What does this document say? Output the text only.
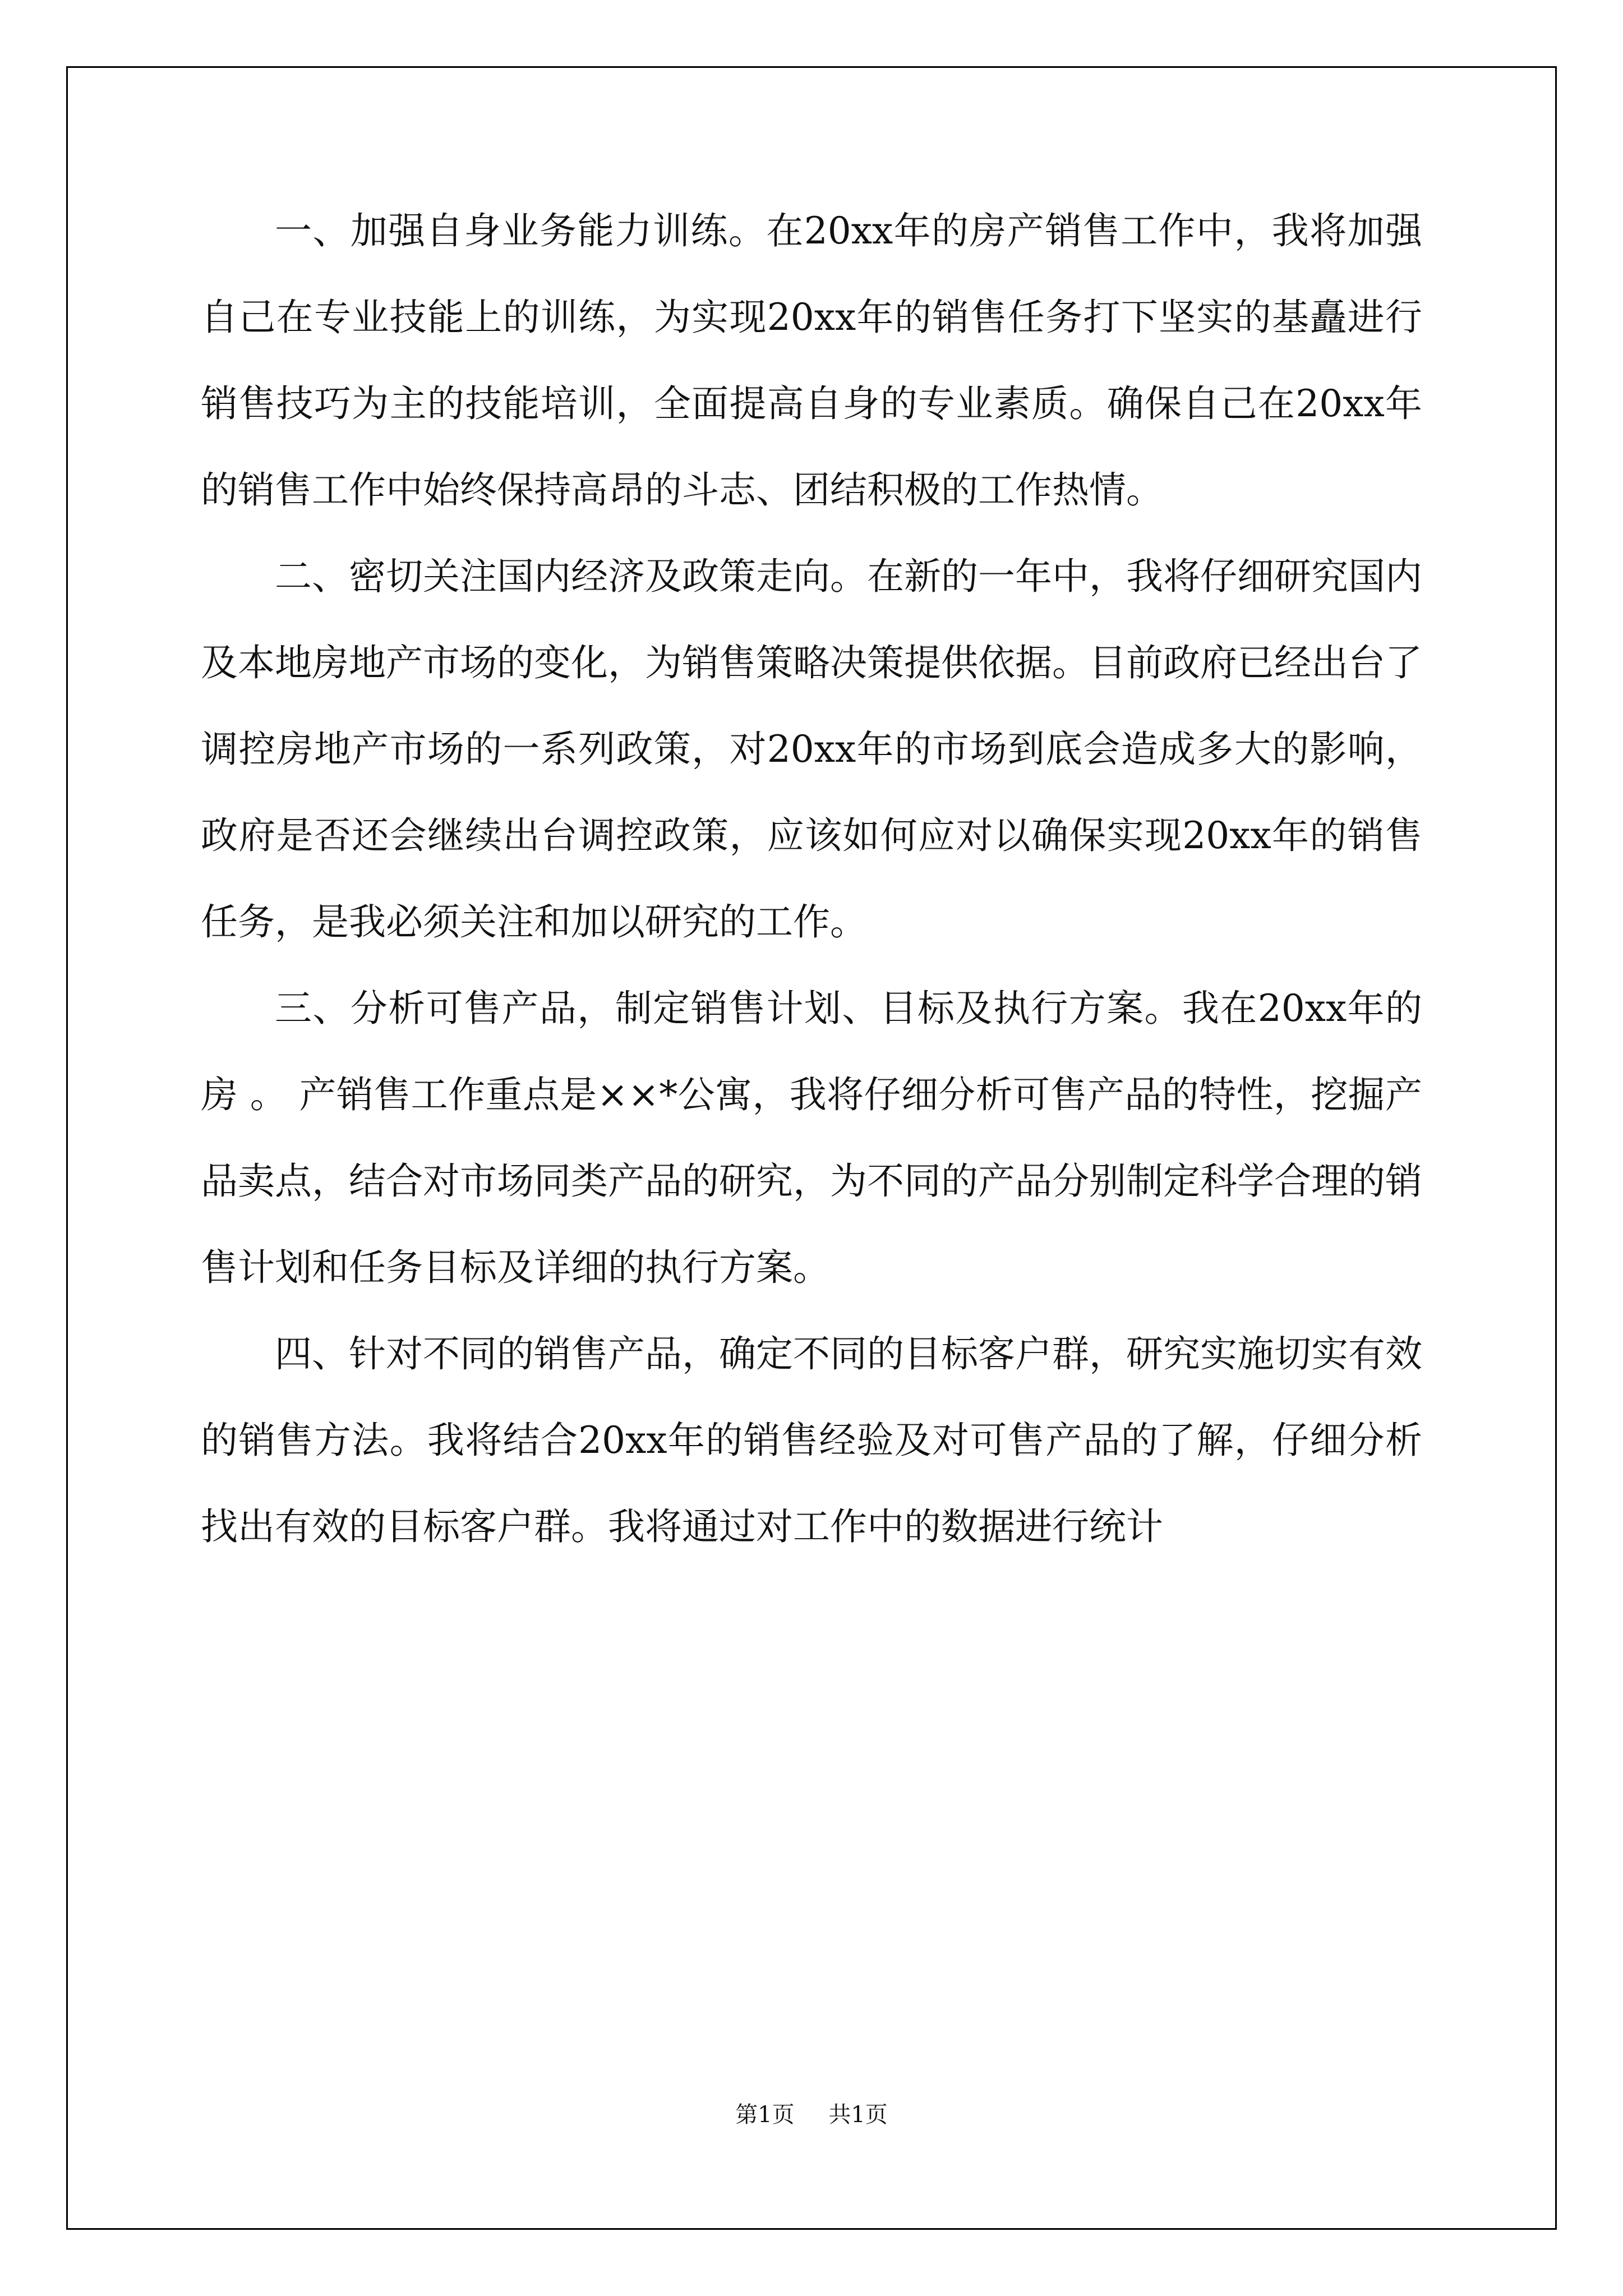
一、加强自身业务能力训练。在20xx年的房产销售工作中，我将加强自己在专业技能上的训练，为实现20xx年的销售任务打下坚实的基矗进行销售技巧为主的技能培训，全面提高自身的专业素质。确保自己在20xx年的销售工作中始终保持高昂的斗志、团结积极的工作热情。

二、密切关注国内经济及政策走向。在新的一年中，我将仔细研究国内及本地房地产市场的变化，为销售策略决策提供依据。目前政府已经出台了调控房地产市场的一系列政策，对20xx年的市场到底会造成多大的影响，政府是否还会继续出台调控政策，应该如何应对以确保实现20xx年的销售任务，是我必须关注和加以研究的工作。

三、分析可售产品，制定销售计划、目标及执行方案。我在20xx年的房 。 产销售工作重点是××*公寓，我将仔细分析可售产品的特性，挖掘产品卖点，结合对市场同类产品的研究，为不同的产品分别制定科学合理的销售计划和任务目标及详细的执行方案。

四、针对不同的销售产品，确定不同的目标客户群，研究实施切实有效的销售方法。我将结合20xx年的销售经验及对可售产品的了解，仔细分析找出有效的目标客户群。我将通过对工作中的数据进行统计

第1页 共1页
